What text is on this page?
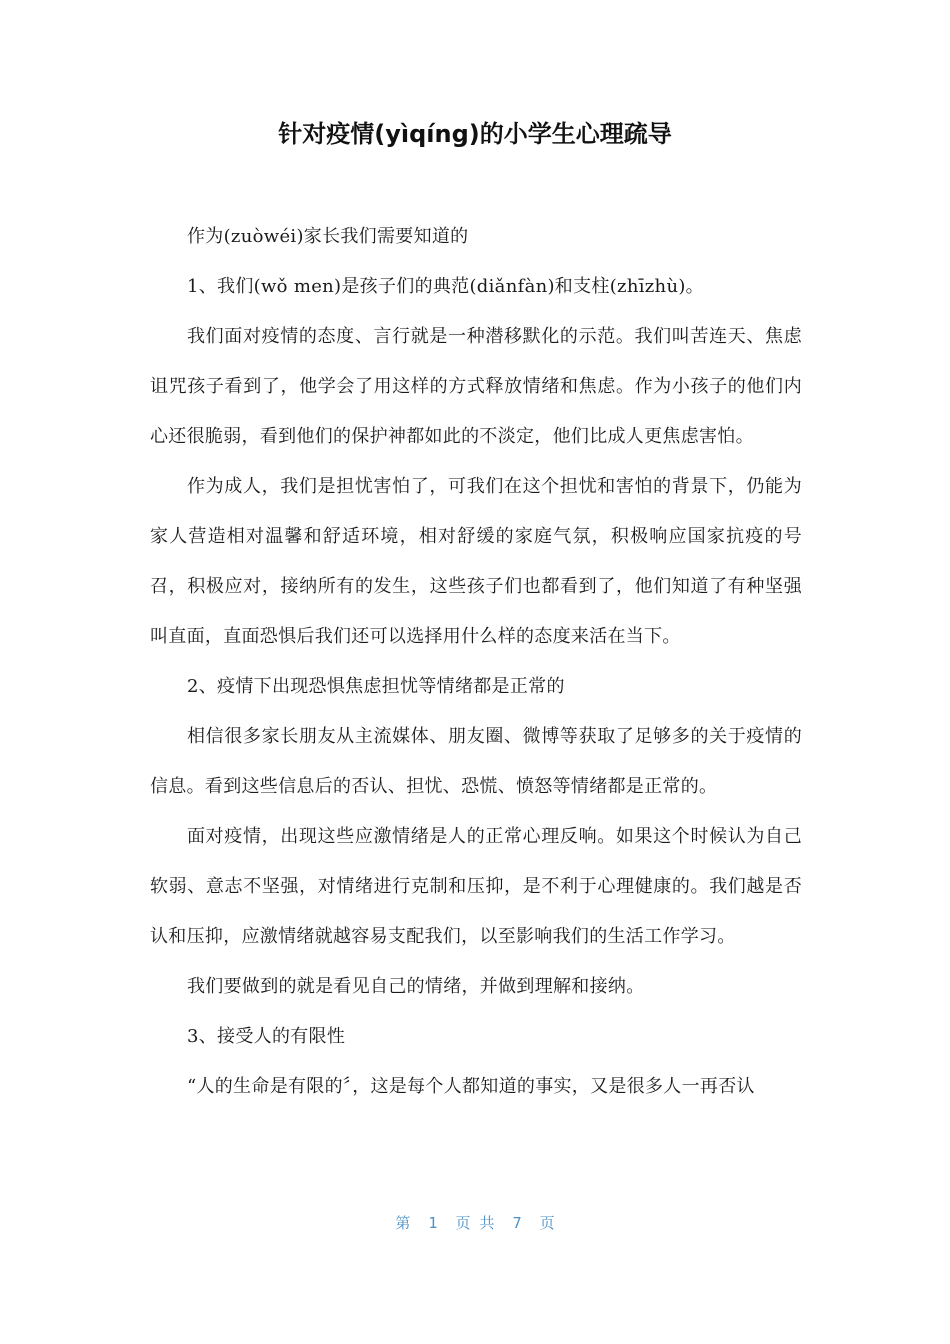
针对疫情(yìqíng)的小学生心理疏导

作为(zuòwéi)家长我们需要知道的

1、我们(wǒ men)是孩子们的典范(diǎnfàn)和支柱(zhīzhù)。

我们面对疫情的态度、言行就是一种潜移默化的示范。我们叫苦连天、焦虑诅咒孩子看到了，他学会了用这样的方式释放情绪和焦虑。作为小孩子的他们内心还很脆弱，看到他们的保护神都如此的不淡定，他们比成人更焦虑害怕。

作为成人，我们是担忧害怕了，可我们在这个担忧和害怕的背景下，仍能为家人营造相对温馨和舒适环境，相对舒缓的家庭气氛，积极响应国家抗疫的号召，积极应对，接纳所有的发生，这些孩子们也都看到了，他们知道了有种坚强叫直面，直面恐惧后我们还可以选择用什么样的态度来活在当下。

2、疫情下出现恐惧焦虑担忧等情绪都是正常的

相信很多家长朋友从主流媒体、朋友圈、微博等获取了足够多的关于疫情的信息。看到这些信息后的否认、担忧、恐慌、愤怒等情绪都是正常的。

面对疫情，出现这些应激情绪是人的正常心理反响。如果这个时候认为自己软弱、意志不坚强，对情绪进行克制和压抑，是不利于心理健康的。我们越是否认和压抑，应激情绪就越容易支配我们，以至影响我们的生活工作学习。

我们要做到的就是看见自己的情绪，并做到理解和接纳。

3、接受人的有限性

“人的生命是有限的〞，这是每个人都知道的事实，又是很多人一再否认

第  1  页 共  7  页
